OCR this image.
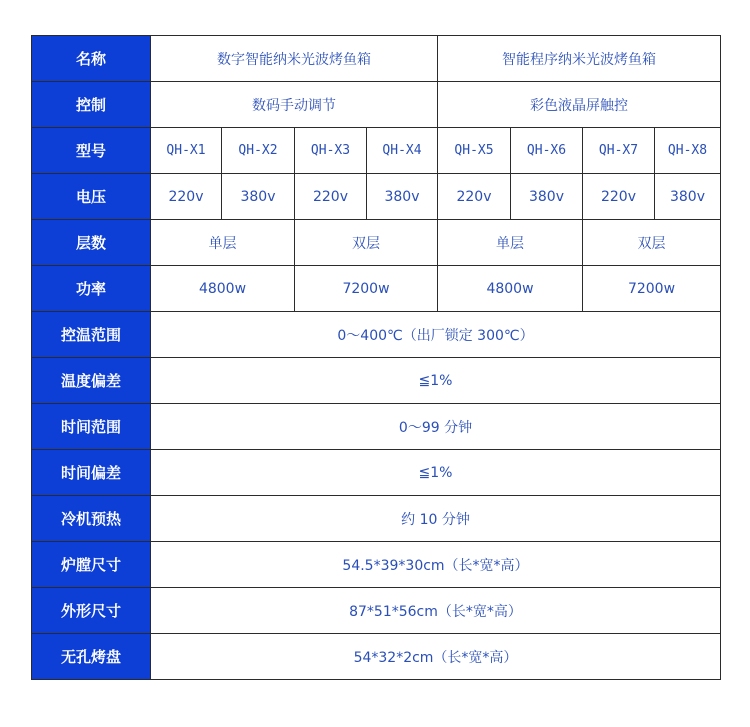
名称	数字智能纳米光波烤鱼箱				智能程序纳米光波烤鱼箱			
控制	数码手动调节				彩色液晶屏触控			
型号	QH-X1	QH-X2	QH-X3	QH-X4	QH-X5	QH-X6	QH-X7	QH-X8
电压	220v	380v	220v	380v	220v	380v	220v	380v
层数	单层		双层		单层		双层	
功率	4800w		7200w		4800w		7200w	
控温范围	0～400℃（出厂锁定 300℃）							
温度偏差	≦1%							
时间范围	0～99 分钟							
时间偏差	≦1%							
冷机预热	约 10 分钟							
炉膛尺寸	54.5*39*30cm（长*宽*高）							
外形尺寸	87*51*56cm（长*宽*高）							
无孔烤盘	54*32*2cm（长*宽*高）							
